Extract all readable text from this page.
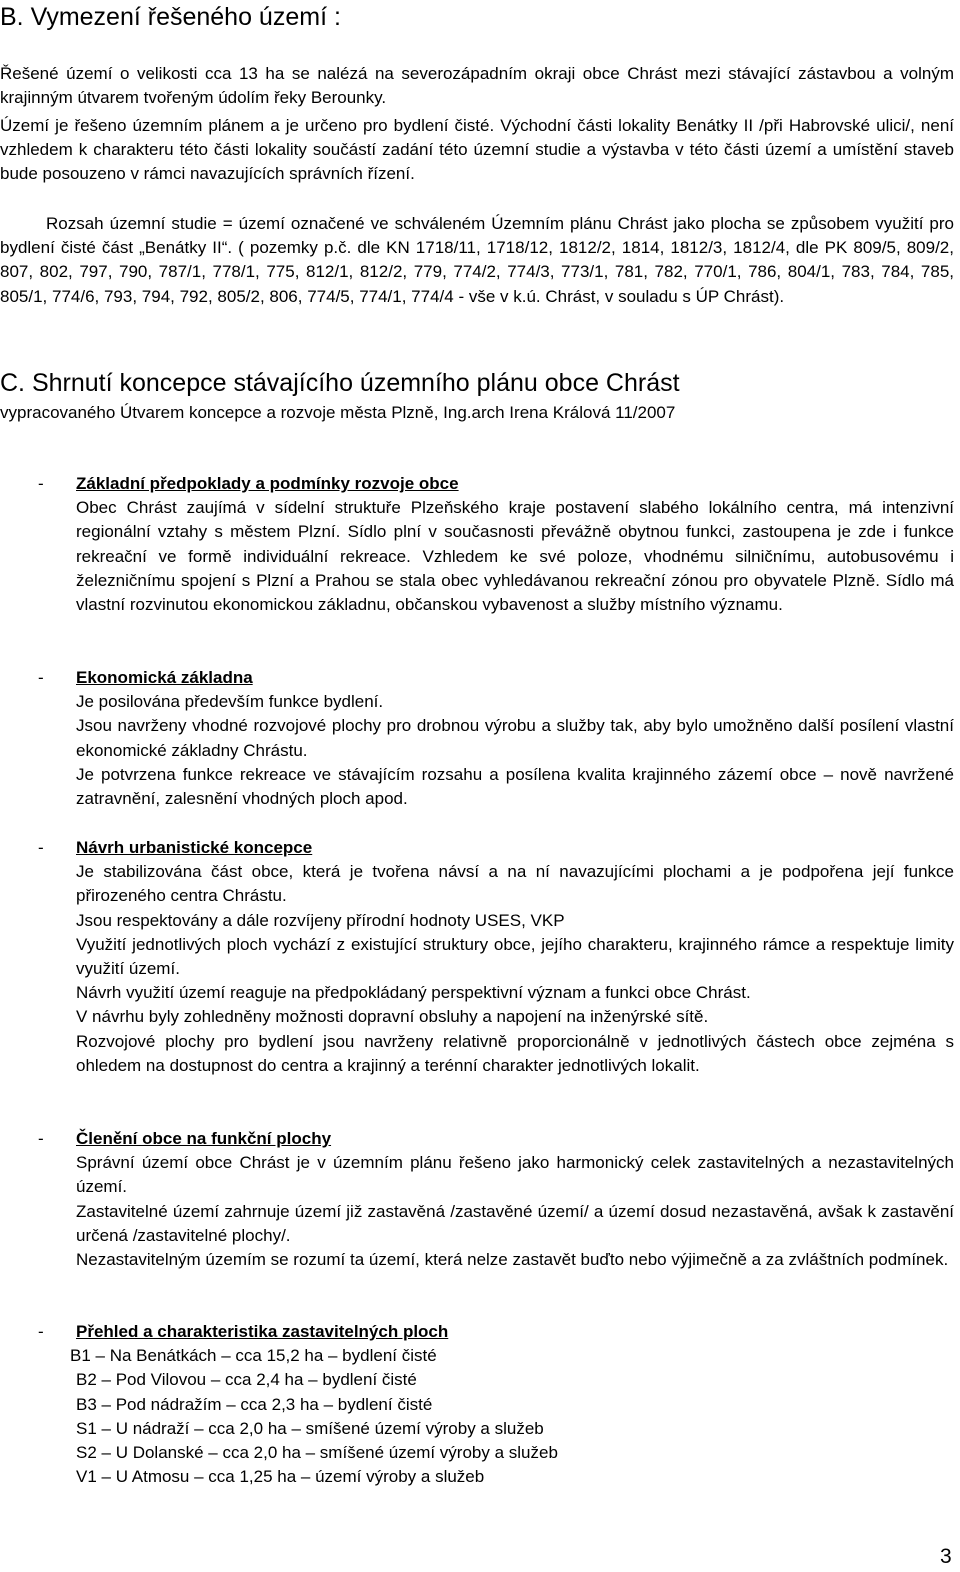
B. Vymezení řešeného území :

Řešené území o velikosti cca 13 ha se nalézá na severozápadním okraji obce Chrást mezi stávající zástavbou a volným krajinným útvarem tvořeným údolím řeky Berounky.

Území je řešeno územním plánem a je určeno pro bydlení čisté. Východní části lokality Benátky II /při Habrovské ulici/, není vzhledem k charakteru této části lokality součástí zadání této územní studie a výstavba v této části území a umístění staveb bude posouzeno v rámci navazujících správních řízení.

Rozsah územní studie = území označené ve schváleném Územním plánu Chrást jako plocha se způsobem využití pro bydlení čisté část „Benátky II“. ( pozemky p.č. dle KN 1718/11, 1718/12, 1812/2, 1814, 1812/3, 1812/4, dle PK 809/5, 809/2, 807, 802, 797, 790, 787/1, 778/1, 775, 812/1, 812/2, 779, 774/2, 774/3, 773/1, 781, 782, 770/1, 786, 804/1, 783, 784, 785, 805/1, 774/6, 793, 794, 792, 805/2, 806, 774/5, 774/1, 774/4 - vše v k.ú. Chrást, v souladu s ÚP Chrást).

C. Shrnutí koncepce stávajícího územního plánu obce Chrást
vypracovaného Útvarem koncepce a rozvoje města Plzně, Ing.arch Irena Králová 11/2007
- Základní předpoklady a podmínky rozvoje obce

Obec Chrást zaujímá v sídelní struktuře Plzeňského kraje postavení slabého lokálního centra, má intenzivní regionální vztahy s městem Plzní. Sídlo plní v současnosti převážně obytnou funkci, zastoupena je zde i funkce rekreační ve formě individuální rekreace. Vzhledem ke své poloze, vhodnému silničnímu, autobusovému i železničnímu spojení s Plzní a Prahou se stala obec vyhledávanou rekreační zónou pro obyvatele Plzně. Sídlo má vlastní rozvinutou ekonomickou základnu, občanskou vybavenost a služby místního významu.

- Ekonomická základna

Je posilována především funkce bydlení.

Jsou navrženy vhodné rozvojové plochy pro drobnou výrobu a služby tak, aby bylo umožněno další posílení vlastní ekonomické základny Chrástu.

Je potvrzena funkce rekreace ve stávajícím rozsahu a posílena kvalita krajinného zázemí obce – nově navržené zatravnění, zalesnění vhodných ploch apod.

- Návrh urbanistické koncepce

Je stabilizována část obce, která je tvořena návsí a na ní navazujícími plochami a je podpořena její funkce přirozeného centra Chrástu.

Jsou respektovány a dále rozvíjeny přírodní hodnoty USES, VKP

Využití jednotlivých ploch vychází z existující struktury obce, jejího charakteru, krajinného rámce a respektuje limity využití území.

Návrh využití území reaguje na předpokládaný perspektivní význam a funkci obce Chrást.

V návrhu byly zohledněny možnosti dopravní obsluhy a napojení na inženýrské sítě.

Rozvojové plochy pro bydlení jsou navrženy relativně proporcionálně v jednotlivých částech obce zejména s ohledem na dostupnost do centra a krajinný a terénní charakter jednotlivých lokalit.

- Členění obce na funkční plochy

Správní území obce Chrást je v územním plánu řešeno jako harmonický celek zastavitelných a nezastavitelných území.

Zastavitelné území zahrnuje území již zastavěná /zastavěné území/ a území dosud nezastavěná, avšak k zastavění určená /zastavitelné plochy/.

Nezastavitelným územím se rozumí ta území, která nelze zastavět buďto nebo výjimečně a za zvláštních podmínek.

- Přehled a charakteristika zastavitelných ploch

B1 – Na Benátkách – cca 15,2 ha – bydlení čisté

B2 – Pod Vilovou – cca 2,4 ha – bydlení čisté

B3 – Pod nádražím – cca 2,3 ha – bydlení čisté

S1 – U nádraží – cca 2,0 ha – smíšené území výroby a služeb

S2 – U Dolanské – cca 2,0 ha – smíšené území výroby a služeb

V1 – U Atmosu – cca 1,25 ha – území výroby a služeb

3
